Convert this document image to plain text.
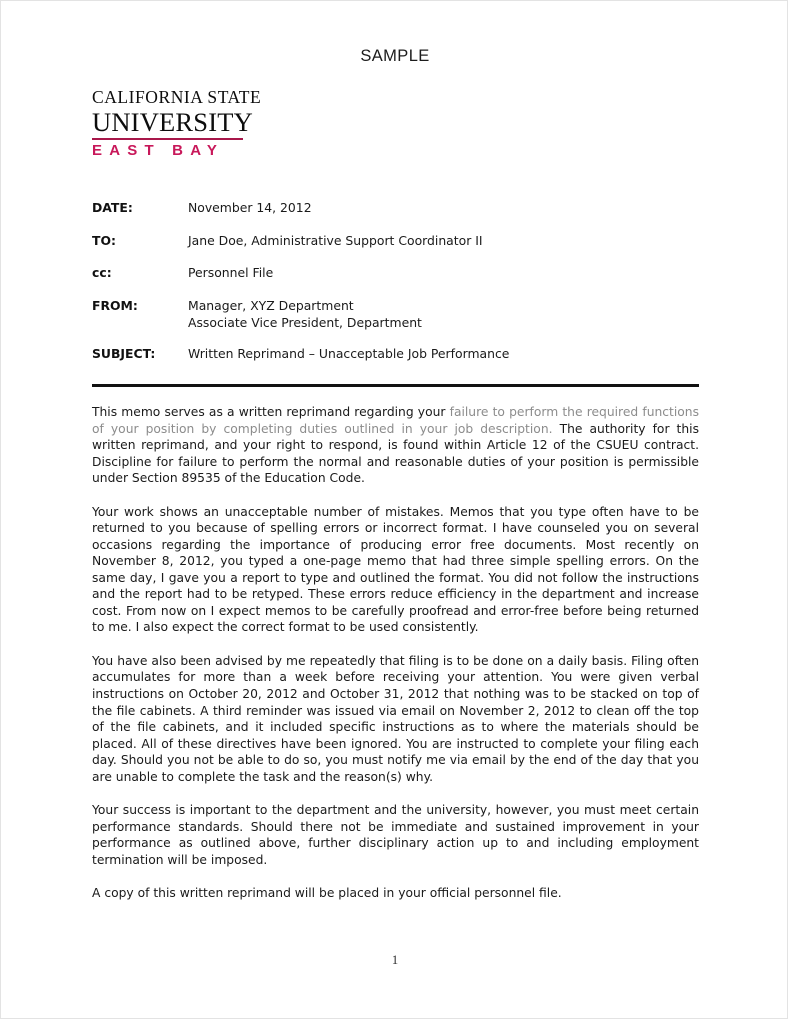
SAMPLE
CALIFORNIA STATE
UNIVERSITY
EAST BAY
DATE:	November 14, 2012
TO:	Jane Doe, Administrative Support Coordinator II
cc:	Personnel File
FROM:	Manager, XYZ Department
Associate Vice President, Department
SUBJECT:	Written Reprimand – Unacceptable Job Performance

This memo serves as a written reprimand regarding your failure to perform the required functions of your position by completing duties outlined in your job description. The authority for this written reprimand, and your right to respond, is found within Article 12 of the CSUEU contract. Discipline for failure to perform the normal and reasonable duties of your position is permissible under Section 89535 of the Education Code.

Your work shows an unacceptable number of mistakes. Memos that you type often have to be returned to you because of spelling errors or incorrect format. I have counseled you on several occasions regarding the importance of producing error free documents. Most recently on November 8, 2012, you typed a one-page memo that had three simple spelling errors. On the same day, I gave you a report to type and outlined the format. You did not follow the instructions and the report had to be retyped. These errors reduce efficiency in the department and increase cost. From now on I expect memos to be carefully proofread and error-free before being returned to me. I also expect the correct format to be used consistently.

You have also been advised by me repeatedly that filing is to be done on a daily basis. Filing often accumulates for more than a week before receiving your attention. You were given verbal instructions on October 20, 2012 and October 31, 2012 that nothing was to be stacked on top of the file cabinets. A third reminder was issued via email on November 2, 2012 to clean off the top of the file cabinets, and it included specific instructions as to where the materials should be placed. All of these directives have been ignored. You are instructed to complete your filing each day. Should you not be able to do so, you must notify me via email by the end of the day that you are unable to complete the task and the reason(s) why.

Your success is important to the department and the university, however, you must meet certain performance standards. Should there not be immediate and sustained improvement in your performance as outlined above, further disciplinary action up to and including employment termination will be imposed.

A copy of this written reprimand will be placed in your official personnel file.

1
